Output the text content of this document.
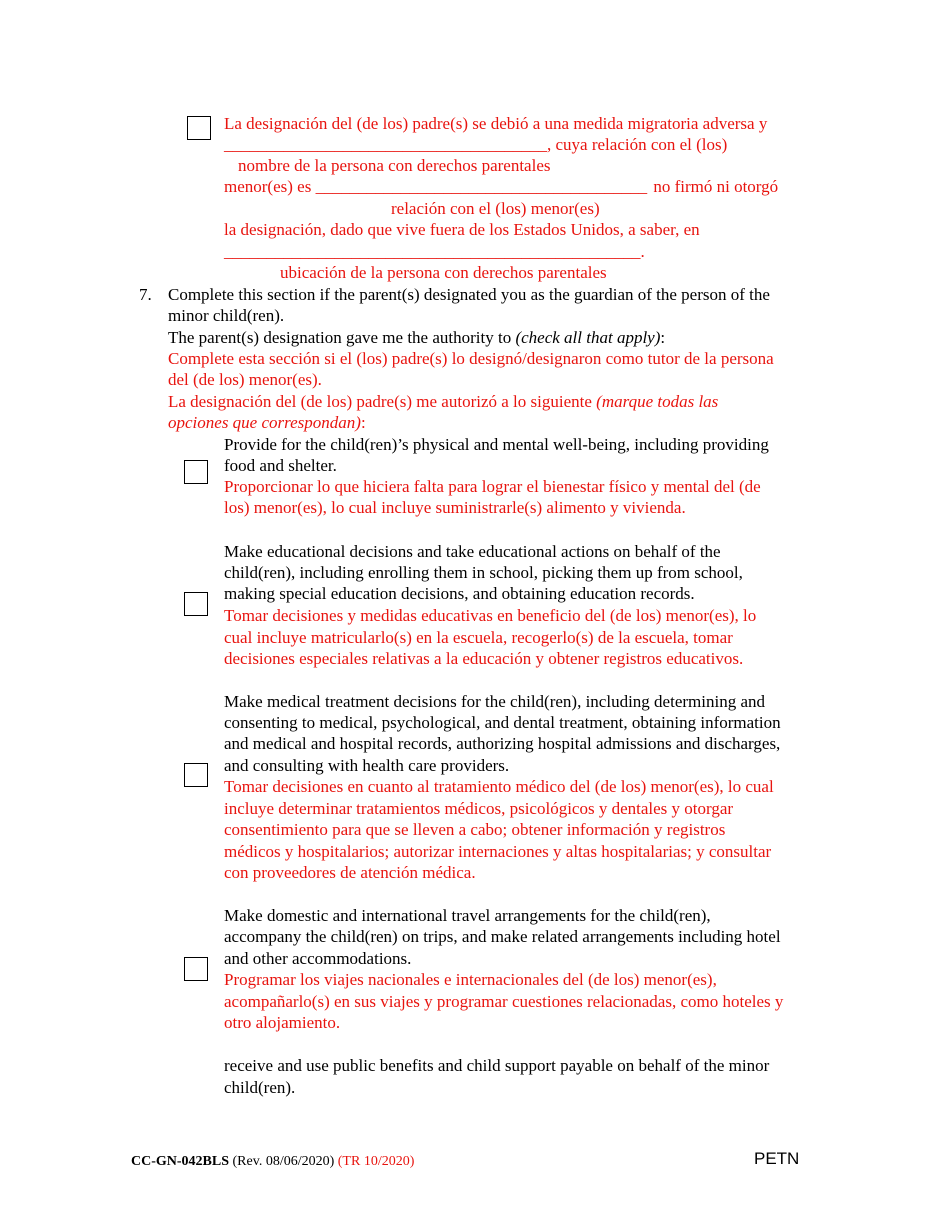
La designación del (de los) padre(s) se debió a una medida migratoria adversa y
______________________________________, cuya relación con el (los)
nombre de la persona con derechos parentales
menor(es) es _______________________________________ no firmó ni otorgó
relación con el (los) menor(es)
la designación, dado que vive fuera de los Estados Unidos, a saber, en
_________________________________________________.
ubicación de la persona con derechos parentales
7. Complete this section if the parent(s) designated you as the guardian of the person of the
minor child(ren).
The parent(s) designation gave me the authority to (check all that apply):
Complete esta sección si el (los) padre(s) lo designó/designaron como tutor de la persona
del (de los) menor(es).
La designación del (de los) padre(s) me autorizó a lo siguiente (marque todas las
opciones que correspondan):
Provide for the child(ren)’s physical and mental well-being, including providing
food and shelter.
Proporcionar lo que hiciera falta para lograr el bienestar físico y mental del (de
los) menor(es), lo cual incluye suministrarle(s) alimento y vivienda.
Make educational decisions and take educational actions on behalf of the
child(ren), including enrolling them in school, picking them up from school,
making special education decisions, and obtaining education records.
Tomar decisiones y medidas educativas en beneficio del (de los) menor(es), lo
cual incluye matricularlo(s) en la escuela, recogerlo(s) de la escuela, tomar
decisiones especiales relativas a la educación y obtener registros educativos.
Make medical treatment decisions for the child(ren), including determining and
consenting to medical, psychological, and dental treatment, obtaining information
and medical and hospital records, authorizing hospital admissions and discharges,
and consulting with health care providers.
Tomar decisiones en cuanto al tratamiento médico del (de los) menor(es), lo cual
incluye determinar tratamientos médicos, psicológicos y dentales y otorgar
consentimiento para que se lleven a cabo; obtener información y registros
médicos y hospitalarios; autorizar internaciones y altas hospitalarias; y consultar
con proveedores de atención médica.
Make domestic and international travel arrangements for the child(ren),
accompany the child(ren) on trips, and make related arrangements including hotel
and other accommodations.
Programar los viajes nacionales e internacionales del (de los) menor(es),
acompañarlo(s) en sus viajes y programar cuestiones relacionadas, como hoteles y
otro alojamiento.
receive and use public benefits and child support payable on behalf of the minor
child(ren).
CC-GN-042BLS (Rev. 08/06/2020) (TR 10/2020)	PETN
